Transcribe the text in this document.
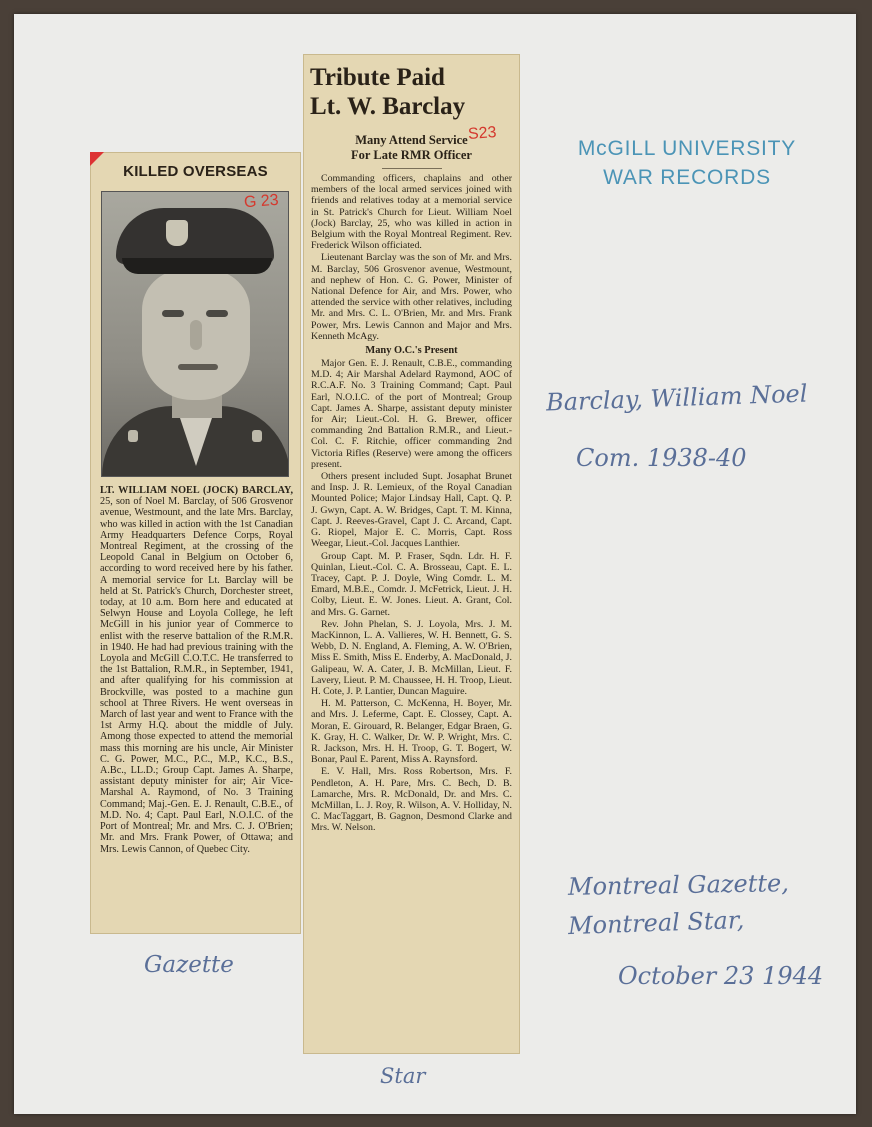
KILLED OVERSEAS
G 23
LT. WILLIAM NOEL (JOCK) BARCLAY, 25, son of Noel M. Barclay, of 506 Grosvenor avenue, Westmount, and the late Mrs. Barclay, who was killed in action with the 1st Canadian Army Headquarters Defence Corps, Royal Montreal Regiment, at the crossing of the Leopold Canal in Belgium on October 6, according to word received here by his father. A memorial service for Lt. Barclay will be held at St. Patrick's Church, Dorchester street, today, at 10 a.m. Born here and educated at Selwyn House and Loyola College, he left McGill in his junior year of Commerce to enlist with the reserve battalion of the R.M.R. in 1940. He had had previous training with the Loyola and McGill C.O.T.C. He transferred to the 1st Battalion, R.M.R., in September, 1941, and after qualifying for his commission at Brockville, was posted to a machine gun school at Three Rivers. He went overseas in March of last year and went to France with the 1st Army H.Q. about the middle of July. Among those expected to attend the memorial mass this morning are his uncle, Air Minister C. G. Power, M.C., P.C., M.P., K.C., B.S., A.Bc., LL.D.; Group Capt. James A. Sharpe, assistant deputy minister for air; Air Vice-Marshal A. Raymond, of No. 3 Training Command; Maj.-Gen. E. J. Renault, C.B.E., of M.D. No. 4; Capt. Paul Earl, N.O.I.C. of the Port of Montreal; Mr. and Mrs. C. J. O'Brien; Mr. and Mrs. Frank Power, of Ottawa; and Mrs. Lewis Cannon, of Quebec City.
Tribute Paid
Lt. W. Barclay
S23
Many Attend Service
For Late RMR Officer

Commanding officers, chaplains and other members of the local armed services joined with friends and relatives today at a memorial service in St. Patrick's Church for Lieut. William Noel (Jock) Barclay, 25, who was killed in action in Belgium with the Royal Montreal Regiment. Rev. Frederick Wilson officiated.

Lieutenant Barclay was the son of Mr. and Mrs. M. Barclay, 506 Grosvenor avenue, Westmount, and nephew of Hon. C. G. Power, Minister of National Defence for Air, and Mrs. Power, who attended the service with other relatives, including Mr. and Mrs. C. L. O'Brien, Mr. and Mrs. Frank Power, Mrs. Lewis Cannon and Major and Mrs. Kenneth McAgy.

Many O.C.'s Present

Major Gen. E. J. Renault, C.B.E., commanding M.D. 4; Air Marshal Adelard Raymond, AOC of R.C.A.F. No. 3 Training Command; Capt. Paul Earl, N.O.I.C. of the port of Montreal; Group Capt. James A. Sharpe, assistant deputy minister for Air; Lieut.-Col. H. G. Brewer, officer commanding 2nd Battalion R.M.R., and Lieut.-Col. C. F. Ritchie, officer commanding 2nd Victoria Rifles (Reserve) were among the officers present.

Others present included Supt. Josaphat Brunet and Insp. J. R. Lemieux, of the Royal Canadian Mounted Police; Major Lindsay Hall, Capt. Q. P. J. Gwyn, Capt. A. W. Bridges, Capt. T. M. Kinna, Capt. J. Reeves-Gravel, Capt J. C. Arcand, Capt. G. Riopel, Major E. C. Morris, Capt. Ross Weegar, Lieut.-Col. Jacques Lanthier.

Group Capt. M. P. Fraser, Sqdn. Ldr. H. F. Quinlan, Lieut.-Col. C. A. Brosseau, Capt. E. L. Tracey, Capt. P. J. Doyle, Wing Comdr. L. M. Emard, M.B.E., Comdr. J. McFetrick, Lieut. J. H. Colby, Lieut. E. W. Jones. Lieut. A. Grant, Col. and Mrs. G. Garnet.

Rev. John Phelan, S. J. Loyola, Mrs. J. M. MacKinnon, L. A. Vallieres, W. H. Bennett, G. S. Webb, D. N. England, A. Fleming, A. W. O'Brien, Miss E. Smith, Miss E. Enderby, A. MacDonald, J. Galipeau, W. A. Cater, J. B. McMillan, Lieut. F. Lavery, Lieut. P. M. Chaussee, H. H. Troop, Lieut. H. Cote, J. P. Lantier, Duncan Maguire.

H. M. Patterson, C. McKenna, H. Boyer, Mr. and Mrs. J. Leferme, Capt. E. Clossey, Capt. A. Moran, E. Girouard, R. Belanger, Edgar Braen, G. K. Gray, H. C. Walker, Dr. W. P. Wright, Mrs. C. R. Jackson, Mrs. H. H. Troop, G. T. Bogert, W. Bonar, Paul E. Parent, Miss A. Raynsford.

E. V. Hall, Mrs. Ross Robertson, Mrs. F. Pendleton, A. H. Pare, Mrs. C. Bech, D. B. Lamarche, Mrs. R. McDonald, Dr. and Mrs. C. McMillan, L. J. Roy, R. Wilson, A. V. Holliday, N. C. MacTaggart, B. Gagnon, Desmond Clarke and Mrs. W. Nelson.

McGILL UNIVERSITY
WAR RECORDS
Barclay, William Noel
Com. 1938-40
Montreal Gazette,
Montreal Star,
October 23 1944
Gazette
Star
